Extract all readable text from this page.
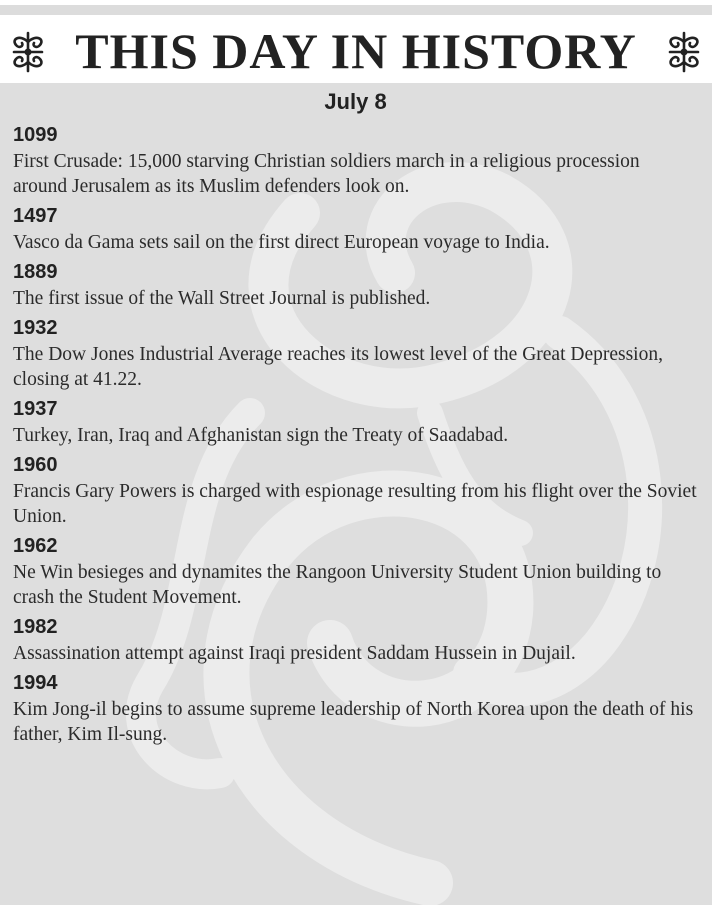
THIS DAY IN HISTORY
July 8
1099
First Crusade: 15,000 starving Christian soldiers march in a religious procession around Jerusalem as its Muslim defenders look on.
1497
Vasco da Gama sets sail on the first direct European voyage to India.
1889
The first issue of the Wall Street Journal is published.
1932
The Dow Jones Industrial Average reaches its lowest level of the Great Depression, closing at 41.22.
1937
Turkey, Iran, Iraq and Afghanistan sign the Treaty of Saadabad.
1960
Francis Gary Powers is charged with espionage resulting from his flight over the Soviet Union.
1962
Ne Win besieges and dynamites the Rangoon University Student Union building to crash the Student Movement.
1982
Assassination attempt against Iraqi president Saddam Hussein in Dujail.
1994
Kim Jong-il begins to assume supreme leadership of North Korea upon the death of his father, Kim Il-sung.
